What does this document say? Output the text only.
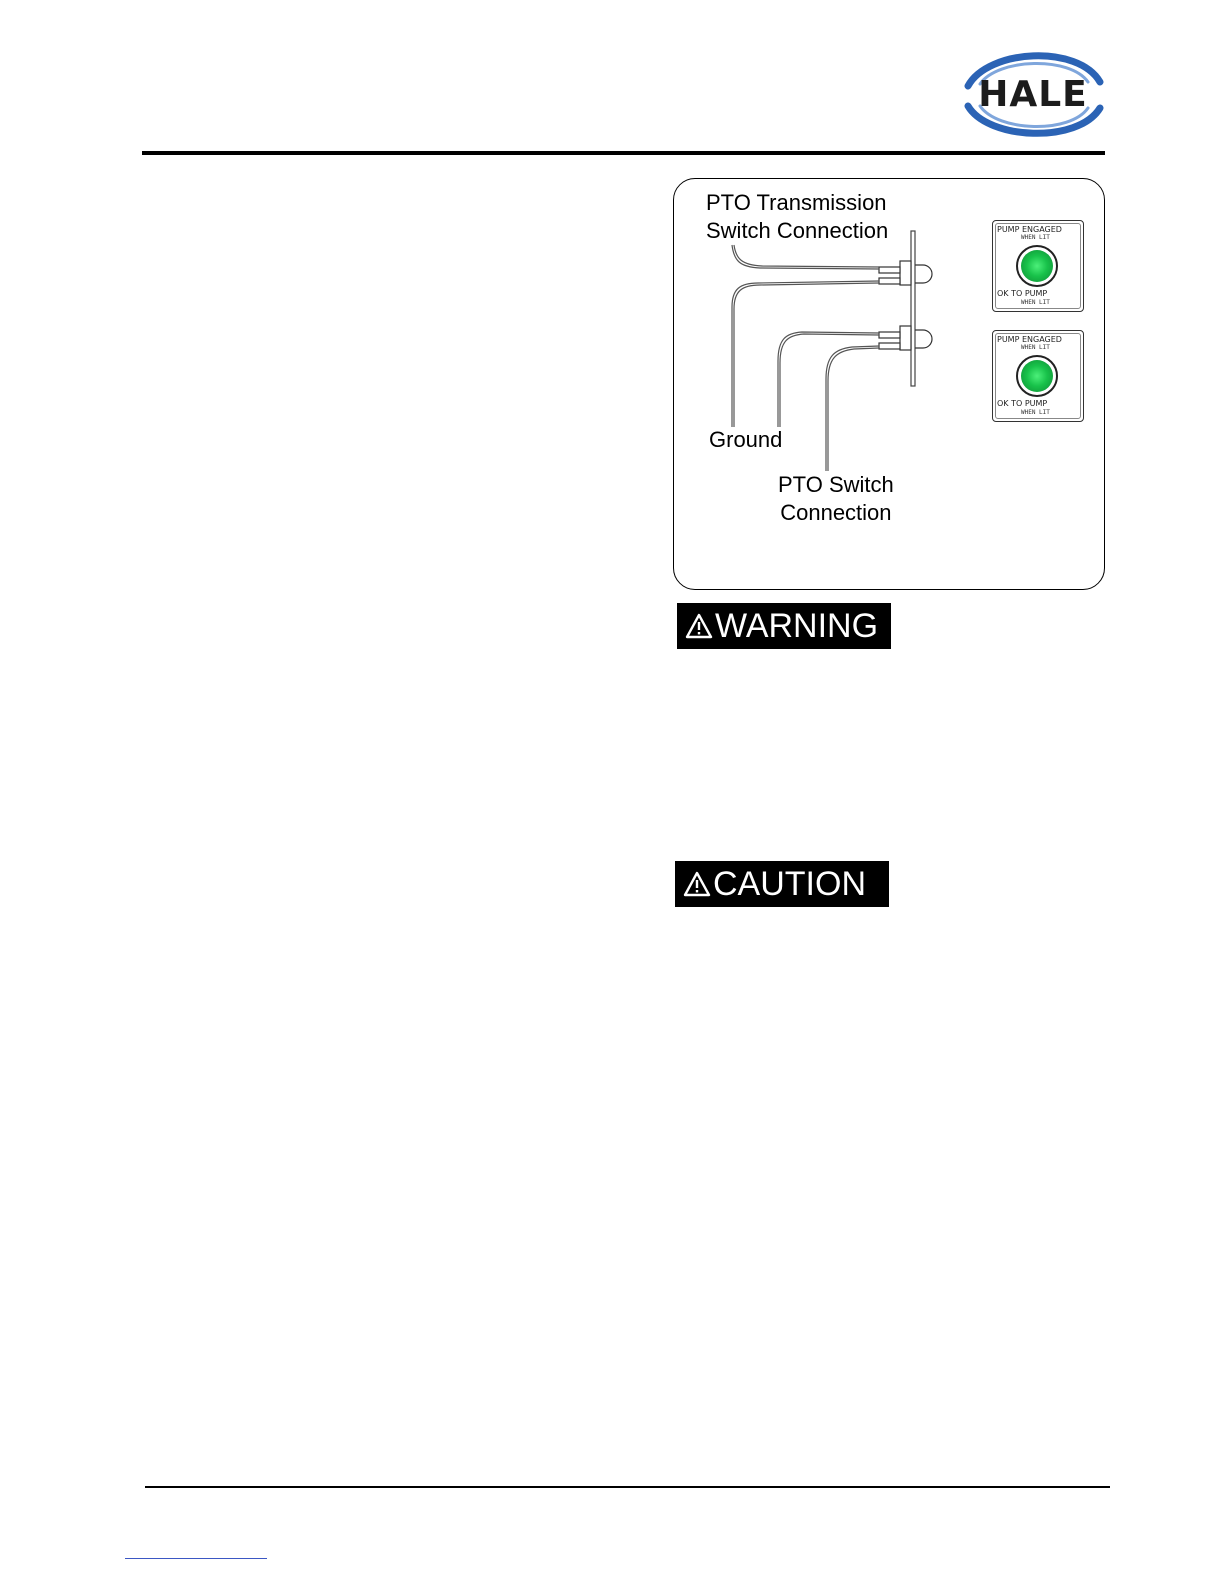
HALE
PTO Transmission
Switch Connection
Ground
PTO Switch
Connection
PUMP ENGAGED
WHEN LIT
OK TO PUMP
WHEN LIT
PUMP ENGAGED
WHEN LIT
OK TO PUMP
WHEN LIT
WARNING
CAUTION
